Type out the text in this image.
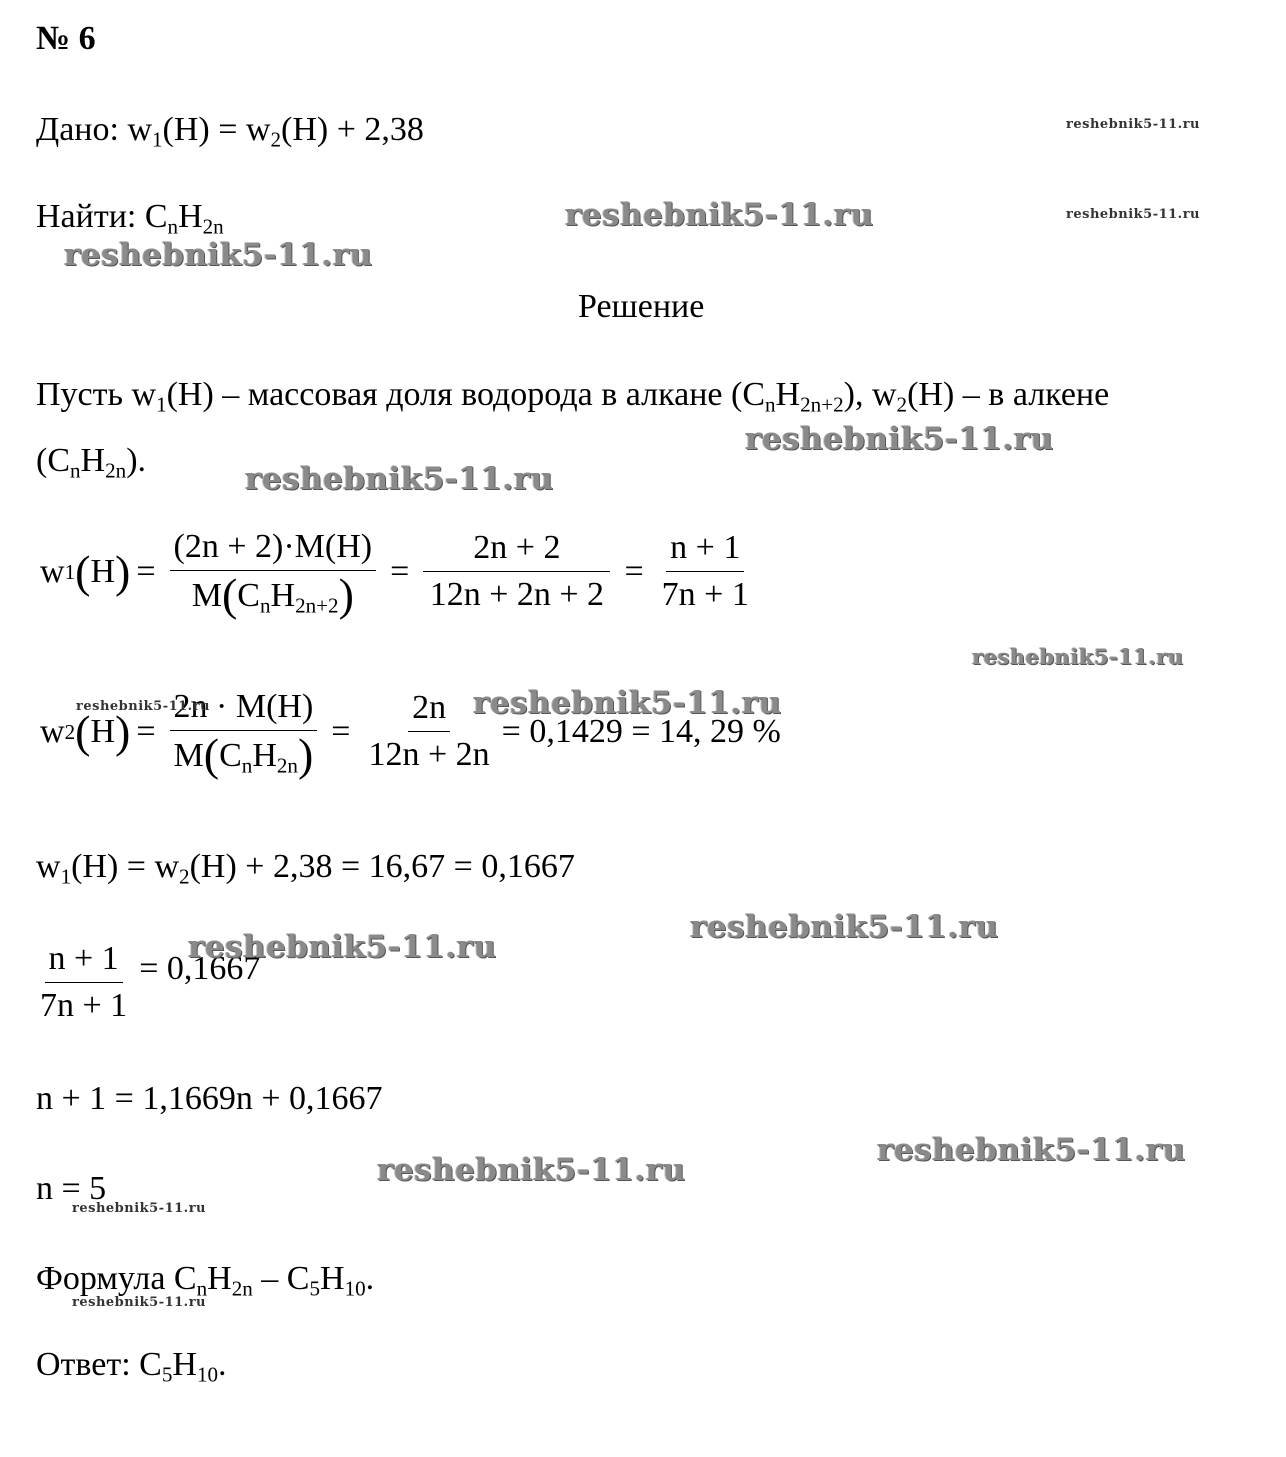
№ 6
Дано: $w_1(H) = w_2(H) + 2,38$
Найти: $C_nH_{2n}$
Решение
Пусть $w_1(H)$ – массовая доля водорода в алкане $(C_nH_{2n+2})$, $w_2(H)$ – в алкене
$(C_nH_{2n})$.
w 1 ( H ) = $\frac{(2n + 2)\cdot M(H)}{M(C_nH_{2n+2})} = \frac{2n + 2}{12n + 2n + 2} = \frac{n + 1}{7n + 1}$
w 2 ( H ) = $\frac{2n \cdot M(H)}{M(C_nH_{2n})} = \frac{2n}{12n + 2n} = 0,1429 = 14$, 29 %
$w_1(H) = w_2(H) + 2,38 = 16,67 = 0,1667$
$\frac{n + 1}{7n + 1} = 0,1667$
n + 1 = 1,1669n + 0,1667
n = 5
Формула $C_nH_{2n} - C_5H_{10}$.
Ответ: $C_5H_{10}$.
reshebnik5-11.ru
reshebnik5-11.ru
reshebnik5-11.ru
reshebnik5-11.ru
reshebnik5-11.ru
reshebnik5-11.ru
reshebnik5-11.ru
reshebnik5-11.ru	reshebnik5-11.ru
reshebnik5-11.ru
reshebnik5-11.ru
reshebnik5-11.ru
reshebnik5-11.ru
reshebnik5-11.ru
reshebnik5-11.ru
